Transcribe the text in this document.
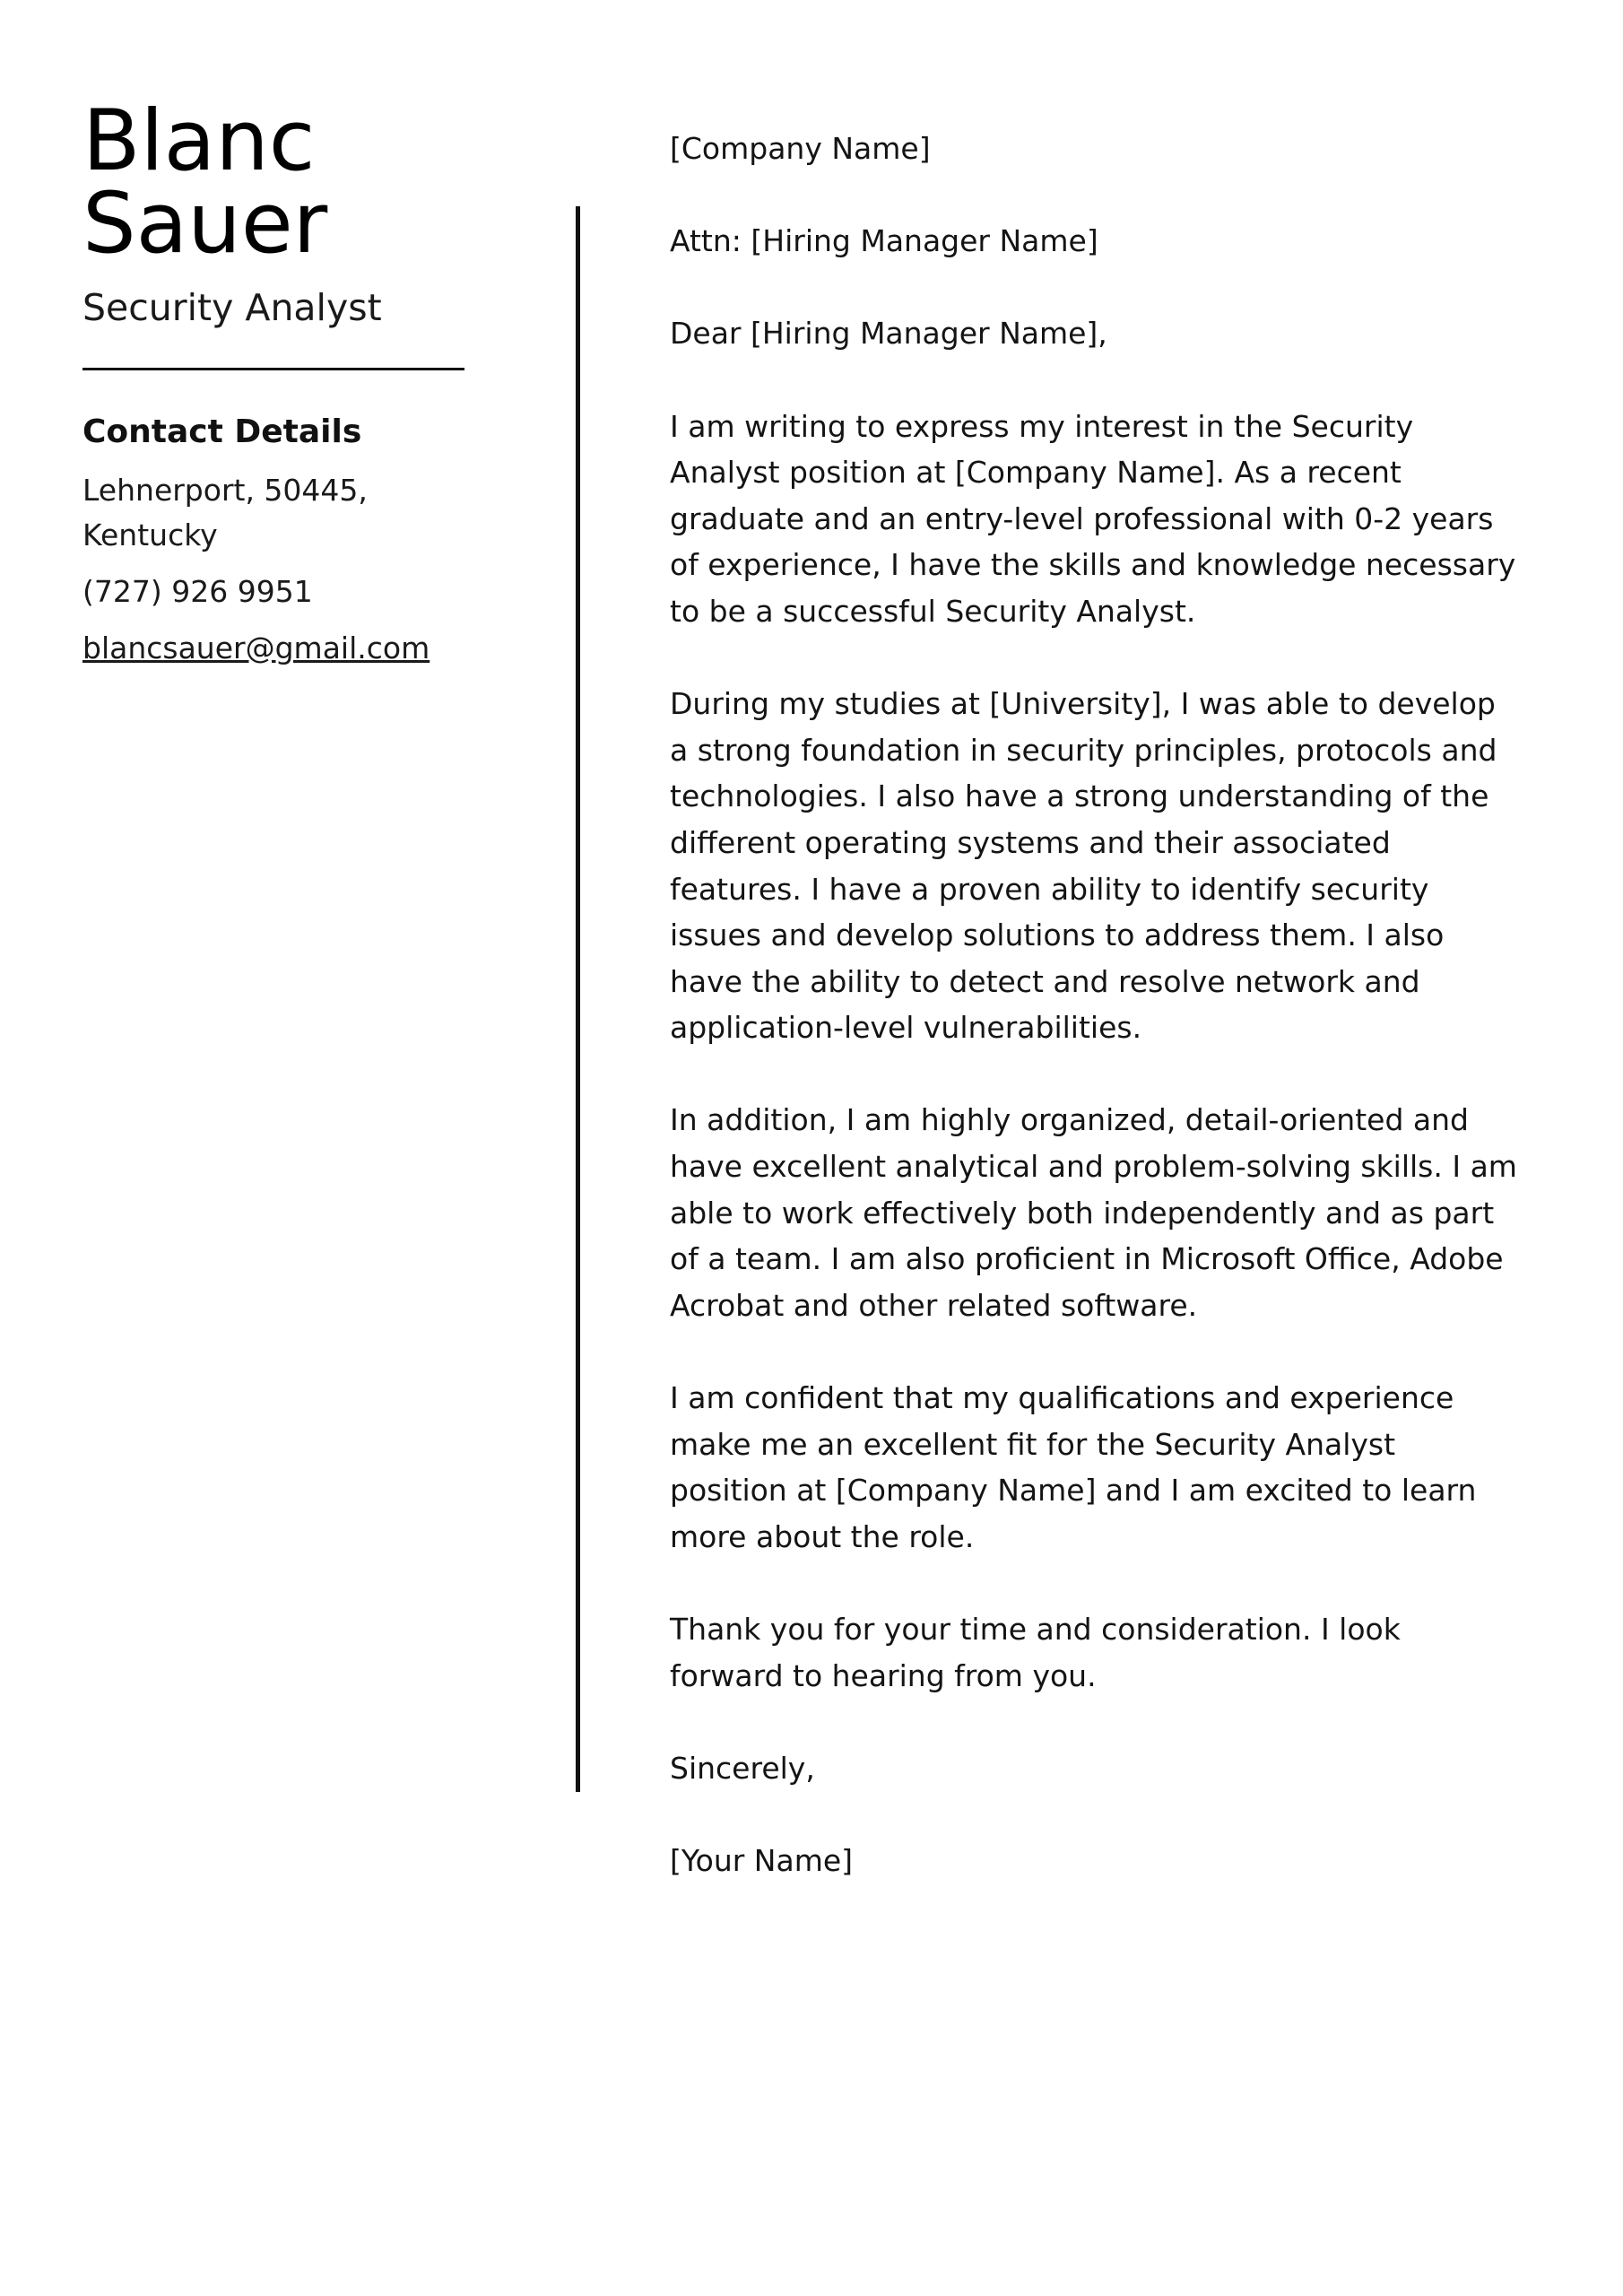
Blanc
Sauer
Security Analyst
Contact Details
Lehnerport, 50445, Kentucky
(727) 926 9951
blancsauer@gmail.com

[Company Name]

Attn: [Hiring Manager Name]

Dear [Hiring Manager Name],

I am writing to express my interest in the Security Analyst position at [Company Name]. As a recent graduate and an entry-level professional with 0-2 years of experience, I have the skills and knowledge necessary to be a successful Security Analyst.

During my studies at [University], I was able to develop a strong foundation in security principles, protocols and technologies. I also have a strong understanding of the different operating systems and their associated features. I have a proven ability to identify security issues and develop solutions to address them. I also have the ability to detect and resolve network and application-level vulnerabilities.

In addition, I am highly organized, detail-oriented and have excellent analytical and problem-solving skills. I am able to work effectively both independently and as part of a team. I am also proficient in Microsoft Office, Adobe Acrobat and other related software.

I am confident that my qualifications and experience make me an excellent fit for the Security Analyst position at [Company Name] and I am excited to learn more about the role.

Thank you for your time and consideration. I look forward to hearing from you.

Sincerely,

[Your Name]
